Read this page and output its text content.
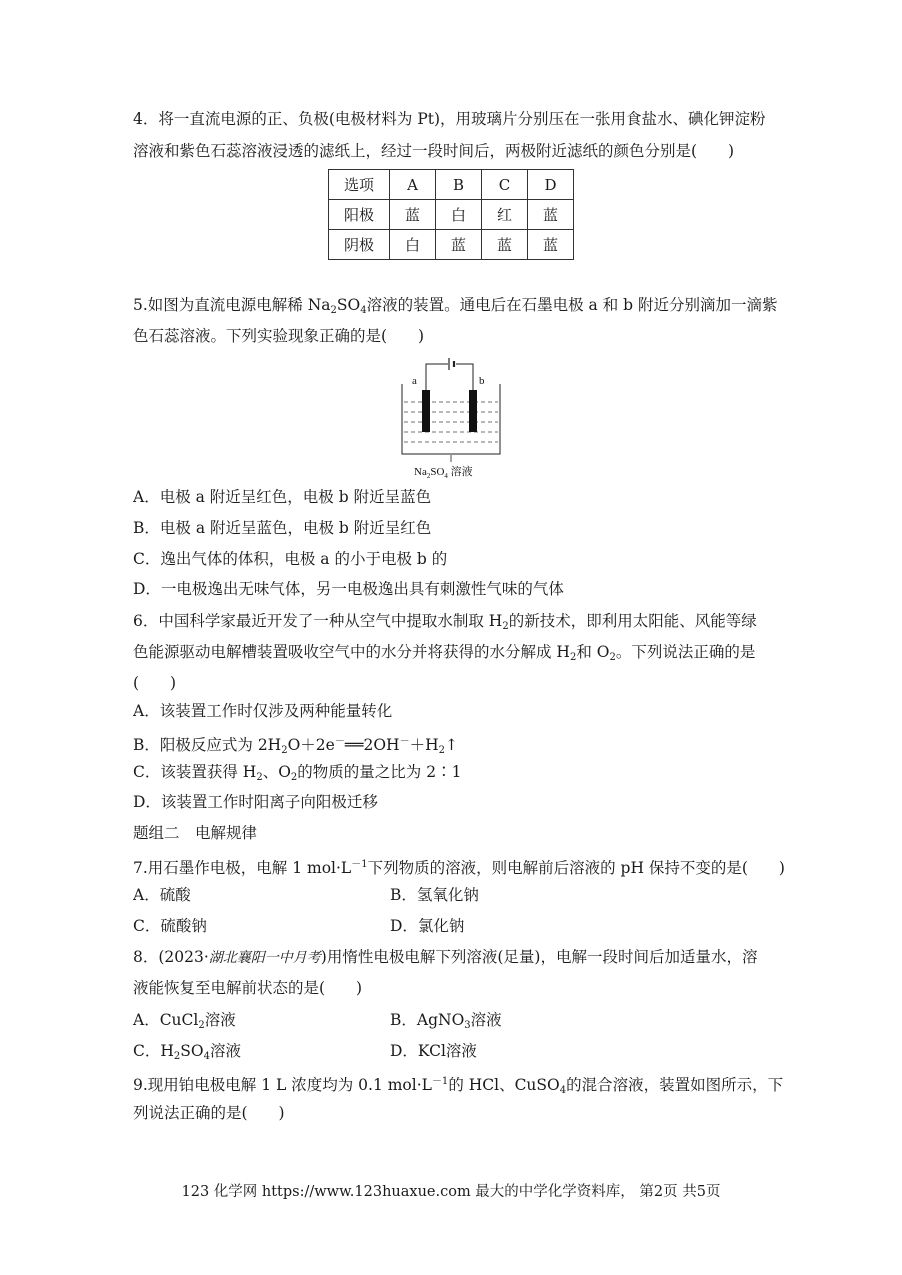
4．将一直流电源的正、负极(电极材料为 Pt)，用玻璃片分别压在一张用食盐水、碘化钾淀粉
溶液和紫色石蕊溶液浸透的滤纸上，经过一段时间后，两极附近滤纸的颜色分别是(　　)
选项	A	B	C	D
阳极	蓝	白	红	蓝
阴极	白	蓝	蓝	蓝
5.如图为直流电源电解稀 $Na_2SO_4$溶液的装置。通电后在石墨电极 a 和 b 附近分别滴加一滴紫
色石蕊溶液。下列实验现象正确的是(　　)
a	b
$Na_2SO_4$ 溶液
A．电极 a 附近呈红色，电极 b 附近呈蓝色
B．电极 a 附近呈蓝色，电极 b 附近呈红色
C．逸出气体的体积，电极 a 的小于电极 b 的
D．一电极逸出无味气体，另一电极逸出具有刺激性气味的气体
6．中国科学家最近开发了一种从空气中提取水制取 $H_2$的新技术，即利用太阳能、风能等绿
色能源驱动电解槽装置吸收空气中的水分并将获得的水分解成 $H_2$和 $O_2$。下列说法正确的是
(　　)
A．该装置工作时仅涉及两种能量转化
B．阳极反应式为 $2H_2O+2e^-══2OH^-+H_2↑$
C．该装置获得 $H_2$、$O_2$的物质的量之比为 2∶1
D．该装置工作时阳离子向阳极迁移
题组二　电解规律
7.用石墨作电极，电解 1 $mol\cdot L^{-1}$下列物质的溶液，则电解前后溶液的 pH 保持不变的是(　　)
A．硫酸	B．氢氧化钠
C．硫酸钠	D．氯化钠
8．(2023·湖北襄阳一中月考)用惰性电极电解下列溶液(足量)，电解一段时间后加适量水，溶
液能恢复至电解前状态的是(　　)
A．CuCl$_2$溶液	B．AgNO$_3$溶液
C．$H_2SO_4$溶液	D．KCl溶液
9.现用铂电极电解 1 L 浓度均为 0.1 $mol\cdot L^{-1}$的 HCl、CuSO$_4$的混合溶液，装置如图所示，下
列说法正确的是(　　)
123 化学网 https://www.123huaxue.com 最大的中学化学资料库， 第2页 共5页
